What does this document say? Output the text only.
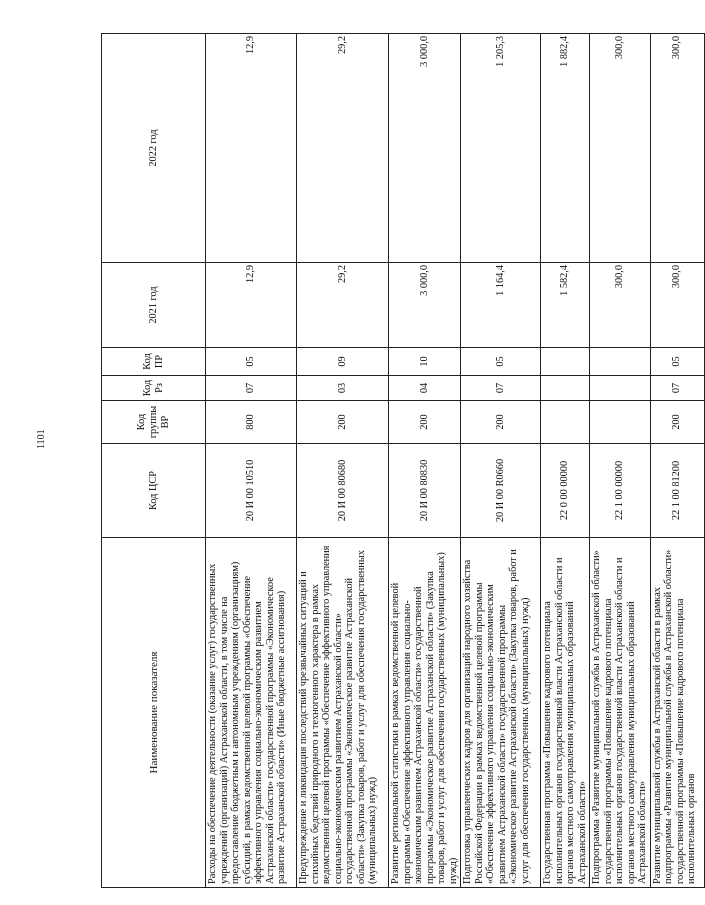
1101
Наименование показателя	Код ЦСР	Код группы ВР	Код Рз	Код ПР	2021 год	2022 год
Расходы на обеспечение деятельности (оказание услуг) государственных учреждений (организаций) Астраханской области, в том числе на предоставление бюджетным и автономным учреждениям (организациям) субсидий, в рамках ведомственной целевой программы «Обеспечение эффективного управления социально-экономическим развитием Астраханской области» государственной программы «Экономическое развитие Астраханской области» (Иные бюджетные ассигнования)	20 И 00 10510	800	07	05	12,9	12,9
Предупреждение и ликвидация последствий чрезвычайных ситуаций и стихийных бедствий природного и техногенного характера в рамках ведомственной целевой программы «Обеспечение эффективного управления социально-экономическим развитием Астраханской области» государственной программы «Экономическое развитие Астраханской области» (Закупка товаров, работ и услуг для обеспечения государственных (муниципальных) нужд)	20 И 00 80680	200	03	09	29,2	29,2
Развитие региональной статистики в рамках ведомственной целевой программы «Обеспечение эффективного управления социально-экономическим развитием Астраханской области» государственной программы «Экономическое развитие Астраханской области» (Закупка товаров, работ и услуг для обеспечения государственных (муниципальных) нужд)	20 И 00 80830	200	04	10	3 000,0	3 000,0
Подготовка управленческих кадров для организаций народного хозяйства Российской Федерации в рамках ведомственной целевой программы «Обеспечение эффективного управления социально-экономическим развитием Астраханской области» государственной программы «Экономическое развитие Астраханской области» (Закупка товаров, работ и услуг для обеспечения государственных (муниципальных) нужд)	20 И 00 R0660	200	07	05	1 164,4	1 205,3
Государственная программа «Повышение кадрового потенциала исполнительных органов государственной власти Астраханской области и органов местного самоуправления муниципальных образований Астраханской области»	22 0 00 00000				1 582,4	1 882,4
Подпрограмма «Развитие муниципальной службы в Астраханской области» государственной программы «Повышение кадрового потенциала исполнительных органов государственной власти Астраханской области и органов местного самоуправления муниципальных образований Астраханской области»	22 1 00 00000				300,0	300,0
Развитие муниципальной службы в Астраханской области в рамках подпрограммы «Развитие муниципальной службы в Астраханской области» государственной программы «Повышение кадрового потенциала исполнительных органов	22 1 00 81200	200	07	05	300,0	300,0
